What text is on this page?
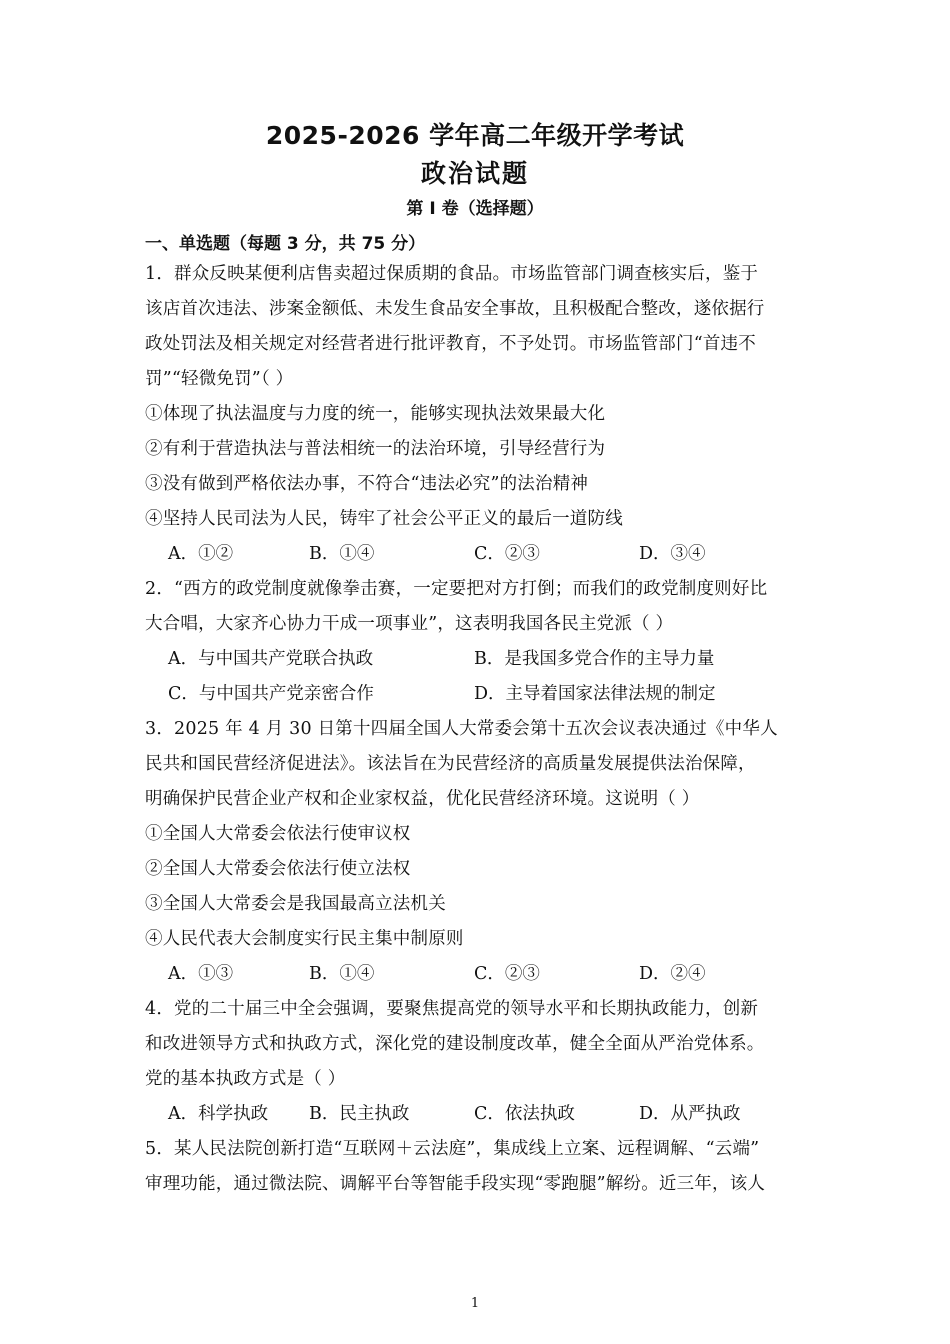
2025-2026 学年高二年级开学考试
政治试题
第 I 卷（选择题）
一、单选题（每题 3 分，共 75 分）
1．群众反映某便利店售卖超过保质期的食品。市场监管部门调查核实后，鉴于
该店首次违法、涉案金额低、未发生食品安全事故，且积极配合整改，遂依据行
政处罚法及相关规定对经营者进行批评教育，不予处罚。市场监管部门“首违不
罚”“轻微免罚”（ ）
①体现了执法温度与力度的统一，能够实现执法效果最大化
②有利于营造执法与普法相统一的法治环境，引导经营行为
③没有做到严格依法办事，不符合“违法必究”的法治精神
④坚持人民司法为人民，铸牢了社会公平正义的最后一道防线
A．①②	B．①④	C．②③	D．③④
2．“西方的政党制度就像拳击赛，一定要把对方打倒；而我们的政党制度则好比
大合唱，大家齐心协力干成一项事业”，这表明我国各民主党派（ ）
A．与中国共产党联合执政	B．是我国多党合作的主导力量
C．与中国共产党亲密合作	D．主导着国家法律法规的制定
3．2025 年 4 月 30 日第十四届全国人大常委会第十五次会议表决通过《中华人
民共和国民营经济促进法》。该法旨在为民营经济的高质量发展提供法治保障，
明确保护民营企业产权和企业家权益，优化民营经济环境。这说明（ ）
①全国人大常委会依法行使审议权
②全国人大常委会依法行使立法权
③全国人大常委会是我国最高立法机关
④人民代表大会制度实行民主集中制原则
A．①③	B．①④	C．②③	D．②④
4．党的二十届三中全会强调，要聚焦提高党的领导水平和长期执政能力，创新
和改进领导方式和执政方式，深化党的建设制度改革，健全全面从严治党体系。
党的基本执政方式是（ ）
A．科学执政 B．民主执政	C．依法执政	D．从严执政
5．某人民法院创新打造“互联网＋云法庭”，集成线上立案、远程调解、“云端”
审理功能，通过微法院、调解平台等智能手段实现“零跑腿”解纷。近三年，该人
1
